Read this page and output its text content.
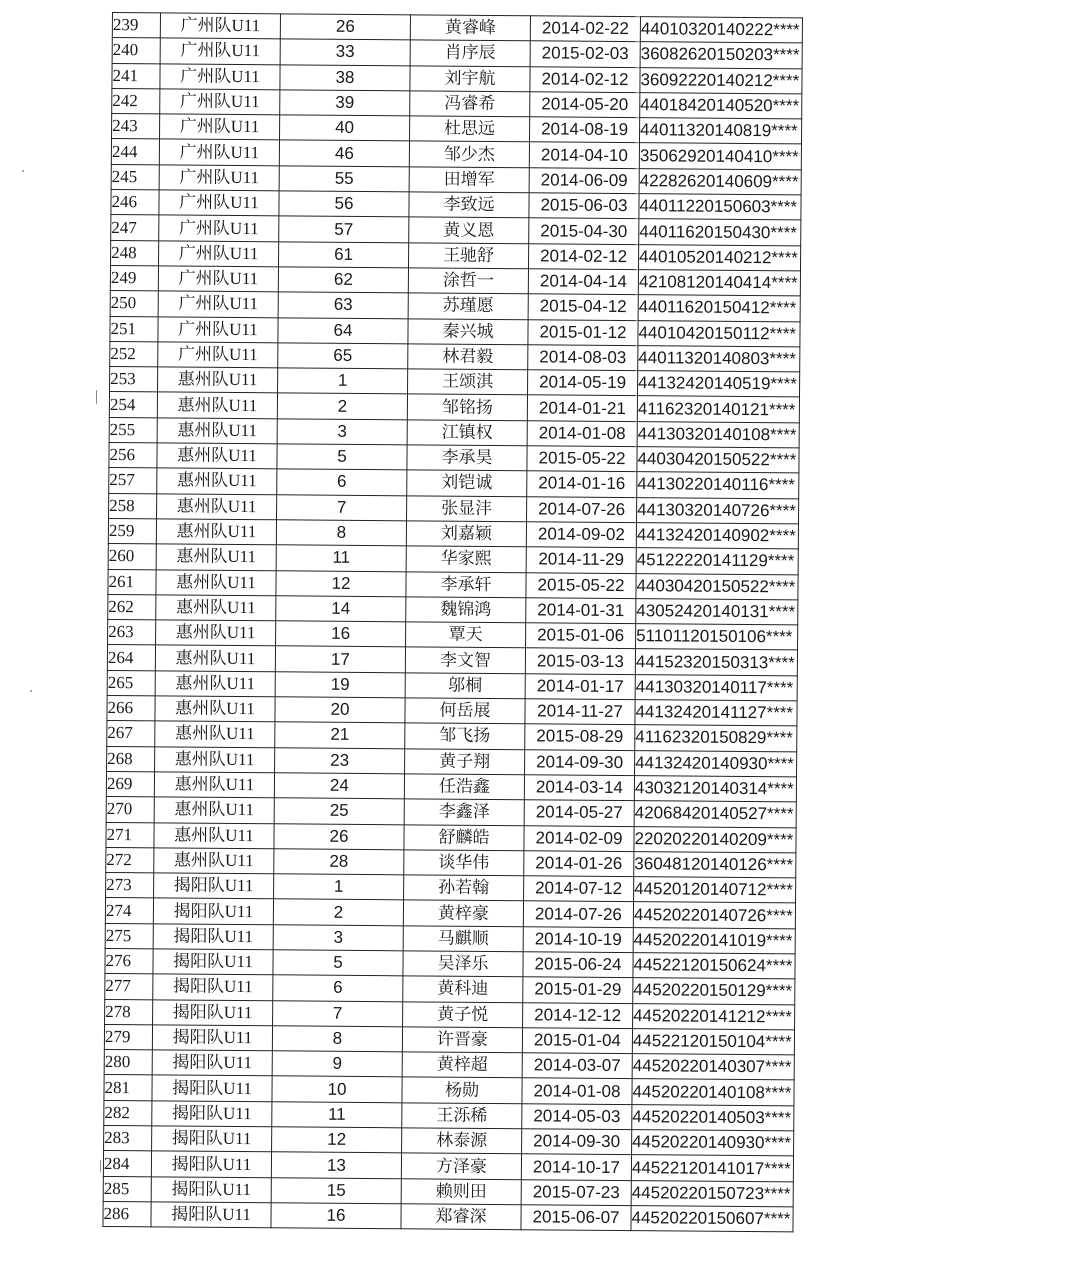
239	广州队U11	26	黄睿峰	2014-02-22	44010320140222****
240	广州队U11	33	肖序辰	2015-02-03	36082620150203****
241	广州队U11	38	刘宇航	2014-02-12	36092220140212****
242	广州队U11	39	冯睿希	2014-05-20	44018420140520****
243	广州队U11	40	杜思远	2014-08-19	44011320140819****
244	广州队U11	46	邹少杰	2014-04-10	35062920140410****
245	广州队U11	55	田增军	2014-06-09	42282620140609****
246	广州队U11	56	李致远	2015-06-03	44011220150603****
247	广州队U11	57	黄义恩	2015-04-30	44011620150430****
248	广州队U11	61	王驰舒	2014-02-12	44010520140212****
249	广州队U11	62	涂哲一	2014-04-14	42108120140414****
250	广州队U11	63	苏瑾愿	2015-04-12	44011620150412****
251	广州队U11	64	秦兴城	2015-01-12	44010420150112****
252	广州队U11	65	林君毅	2014-08-03	44011320140803****
253	惠州队U11	1	王颂淇	2014-05-19	44132420140519****
254	惠州队U11	2	邹铭扬	2014-01-21	41162320140121****
255	惠州队U11	3	江镇权	2014-01-08	44130320140108****
256	惠州队U11	5	李承昊	2015-05-22	44030420150522****
257	惠州队U11	6	刘铠诚	2014-01-16	44130220140116****
258	惠州队U11	7	张显沣	2014-07-26	44130320140726****
259	惠州队U11	8	刘嘉颖	2014-09-02	44132420140902****
260	惠州队U11	11	华家熙	2014-11-29	45122220141129****
261	惠州队U11	12	李承轩	2015-05-22	44030420150522****
262	惠州队U11	14	魏锦鸿	2014-01-31	43052420140131****
263	惠州队U11	16	覃天	2015-01-06	51101120150106****
264	惠州队U11	17	李文智	2015-03-13	44152320150313****
265	惠州队U11	19	邬桐	2014-01-17	44130320140117****
266	惠州队U11	20	何岳展	2014-11-27	44132420141127****
267	惠州队U11	21	邹飞扬	2015-08-29	41162320150829****
268	惠州队U11	23	黄子翔	2014-09-30	44132420140930****
269	惠州队U11	24	任浩鑫	2014-03-14	43032120140314****
270	惠州队U11	25	李鑫泽	2014-05-27	42068420140527****
271	惠州队U11	26	舒麟皓	2014-02-09	22020220140209****
272	惠州队U11	28	谈华伟	2014-01-26	36048120140126****
273	揭阳队U11	1	孙若翰	2014-07-12	44520120140712****
274	揭阳队U11	2	黄梓豪	2014-07-26	44520220140726****
275	揭阳队U11	3	马麒顺	2014-10-19	44520220141019****
276	揭阳队U11	5	吴泽乐	2015-06-24	44522120150624****
277	揭阳队U11	6	黄科迪	2015-01-29	44520220150129****
278	揭阳队U11	7	黄子悦	2014-12-12	44520220141212****
279	揭阳队U11	8	许晋豪	2015-01-04	44522120150104****
280	揭阳队U11	9	黄梓超	2014-03-07	44520220140307****
281	揭阳队U11	10	杨勋	2014-01-08	44520220140108****
282	揭阳队U11	11	王泺稀	2014-05-03	44520220140503****
283	揭阳队U11	12	林泰源	2014-09-30	44520220140930****
284	揭阳队U11	13	方泽豪	2014-10-17	44522120141017****
285	揭阳队U11	15	赖则田	2015-07-23	44520220150723****
286	揭阳队U11	16	郑睿深	2015-06-07	44520220150607****
